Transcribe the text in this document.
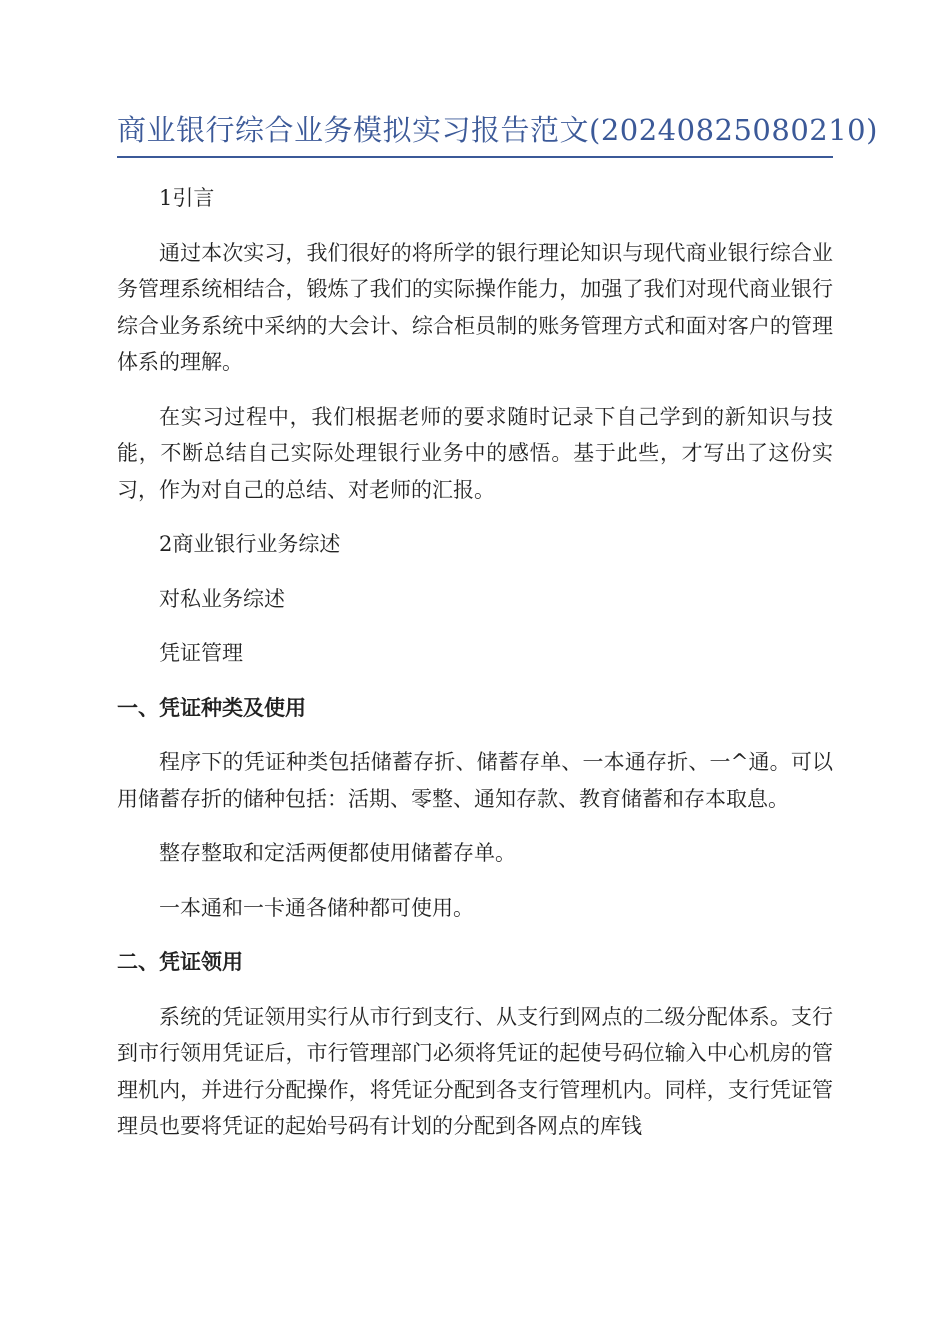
商业银行综合业务模拟实习报告范文(20240825080210)

1引言

通过本次实习，我们很好的将所学的银行理论知识与现代商业银行综合业务管理系统相结合，锻炼了我们的实际操作能力，加强了我们对现代商业银行综合业务系统中采纳的大会计、综合柜员制的账务管理方式和面对客户的管理体系的理解。

在实习过程中，我们根据老师的要求随时记录下自己学到的新知识与技能，不断总结自己实际处理银行业务中的感悟。基于此些，才写出了这份实习，作为对自己的总结、对老师的汇报。

2商业银行业务综述

对私业务综述

凭证管理

一、凭证种类及使用

程序下的凭证种类包括储蓄存折、储蓄存单、一本通存折、一^通。可以用储蓄存折的储种包括：活期、零整、通知存款、教育储蓄和存本取息。

整存整取和定活两便都使用储蓄存单。

一本通和一卡通各储种都可使用。

二、凭证领用

系统的凭证领用实行从市行到支行、从支行到网点的二级分配体系。支行到市行领用凭证后，市行管理部门必须将凭证的起使号码位输入中心机房的管理机内，并进行分配操作，将凭证分配到各支行管理机内。同样，支行凭证管理员也要将凭证的起始号码有计划的分配到各网点的库钱
